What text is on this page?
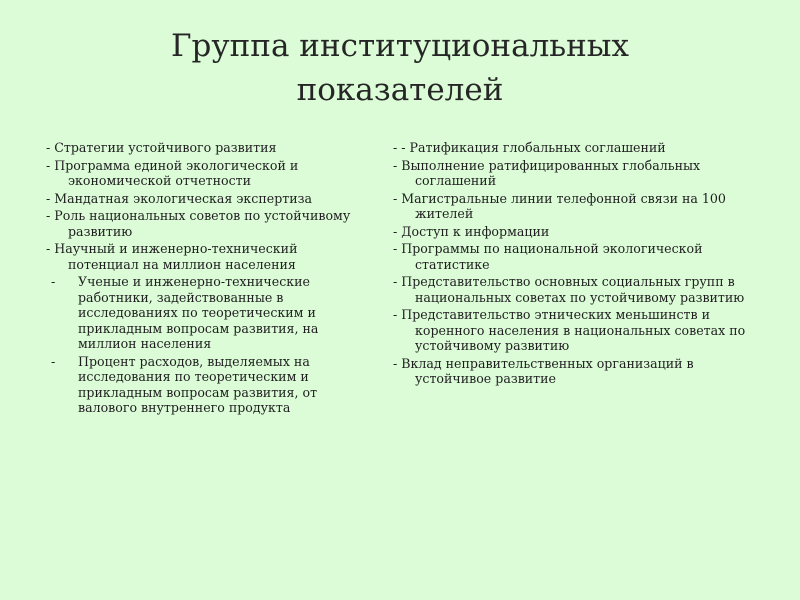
Группа институциональных
показателей
- Стратегии устойчивого развития
- Программа единой экологической и экономической отчетности
- Мандатная экологическая экспертиза
- Роль национальных советов по устойчивому развитию
- Научный и инженерно-технический потенциал на миллион населения
- Ученые и инженерно-технические работники, задействованные в исследованиях по теоретическим и прикладным вопросам развития, на миллион населения
- Процент расходов, выделяемых на исследования по теоретическим и прикладным вопросам развития, от валового внутреннего продукта
- - Ратификация глобальных соглашений
- Выполнение ратифицированных глобальных соглашений
- Магистральные линии телефонной связи на 100 жителей
- Доступ к информации
- Программы по национальной экологической статистике
- Представительство основных социальных групп в национальных советах по устойчивому развитию
- Представительство этнических меньшинств и коренного населения в национальных советах по устойчивому развитию
- Вклад неправительственных организаций в устойчивое развитие
